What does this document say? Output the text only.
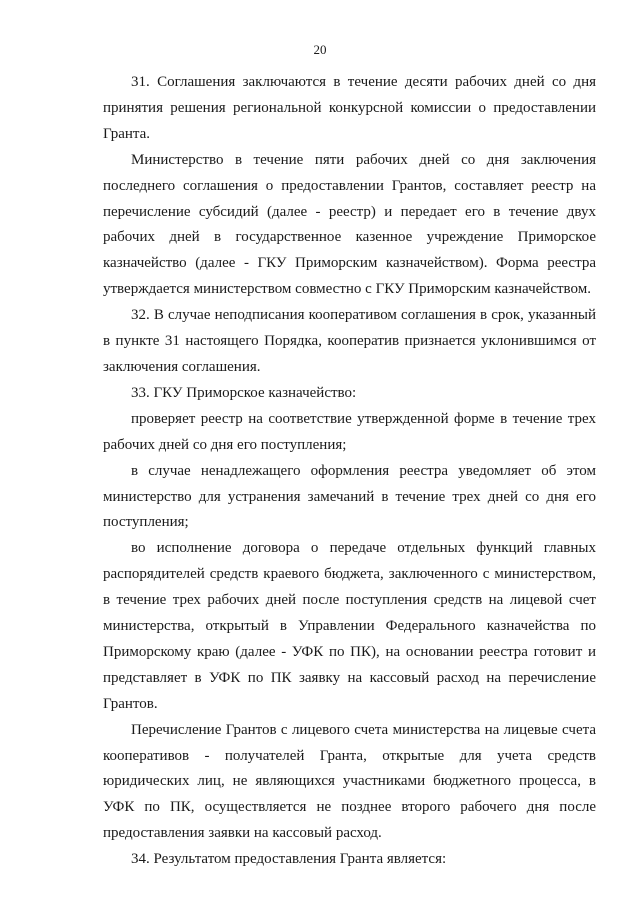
20

31. Соглашения заключаются в течение десяти рабочих дней со дня принятия решения региональной конкурсной комиссии о предоставлении Гранта.

Министерство в течение пяти рабочих дней со дня заключения последнего соглашения о предоставлении Грантов, составляет реестр на перечисление субсидий (далее - реестр) и передает его в течение двух рабочих дней в государственное казенное учреждение Приморское казначейство (далее - ГКУ Приморским казначейством). Форма реестра утверждается министерством совместно с ГКУ Приморским казначейством.

32. В случае неподписания кооперативом соглашения в срок, указанный в пункте 31 настоящего Порядка, кооператив признается уклонившимся от заключения соглашения.

33. ГКУ Приморское казначейство:

проверяет реестр на соответствие утвержденной форме в течение трех рабочих дней со дня его поступления;

в случае ненадлежащего оформления реестра уведомляет об этом министерство для устранения замечаний в течение трех дней со дня его поступления;

во исполнение договора о передаче отдельных функций главных распорядителей средств краевого бюджета, заключенного с министерством, в течение трех рабочих дней после поступления средств на лицевой счет министерства, открытый в Управлении Федерального казначейства по Приморскому краю (далее - УФК по ПК), на основании реестра готовит и представляет в УФК по ПК заявку на кассовый расход на перечисление Грантов.

Перечисление Грантов с лицевого счета министерства на лицевые счета кооперативов - получателей Гранта, открытые для учета средств юридических лиц, не являющихся участниками бюджетного процесса, в УФК по ПК, осуществляется не позднее второго рабочего дня после предоставления заявки на кассовый расход.

34. Результатом предоставления Гранта является:
